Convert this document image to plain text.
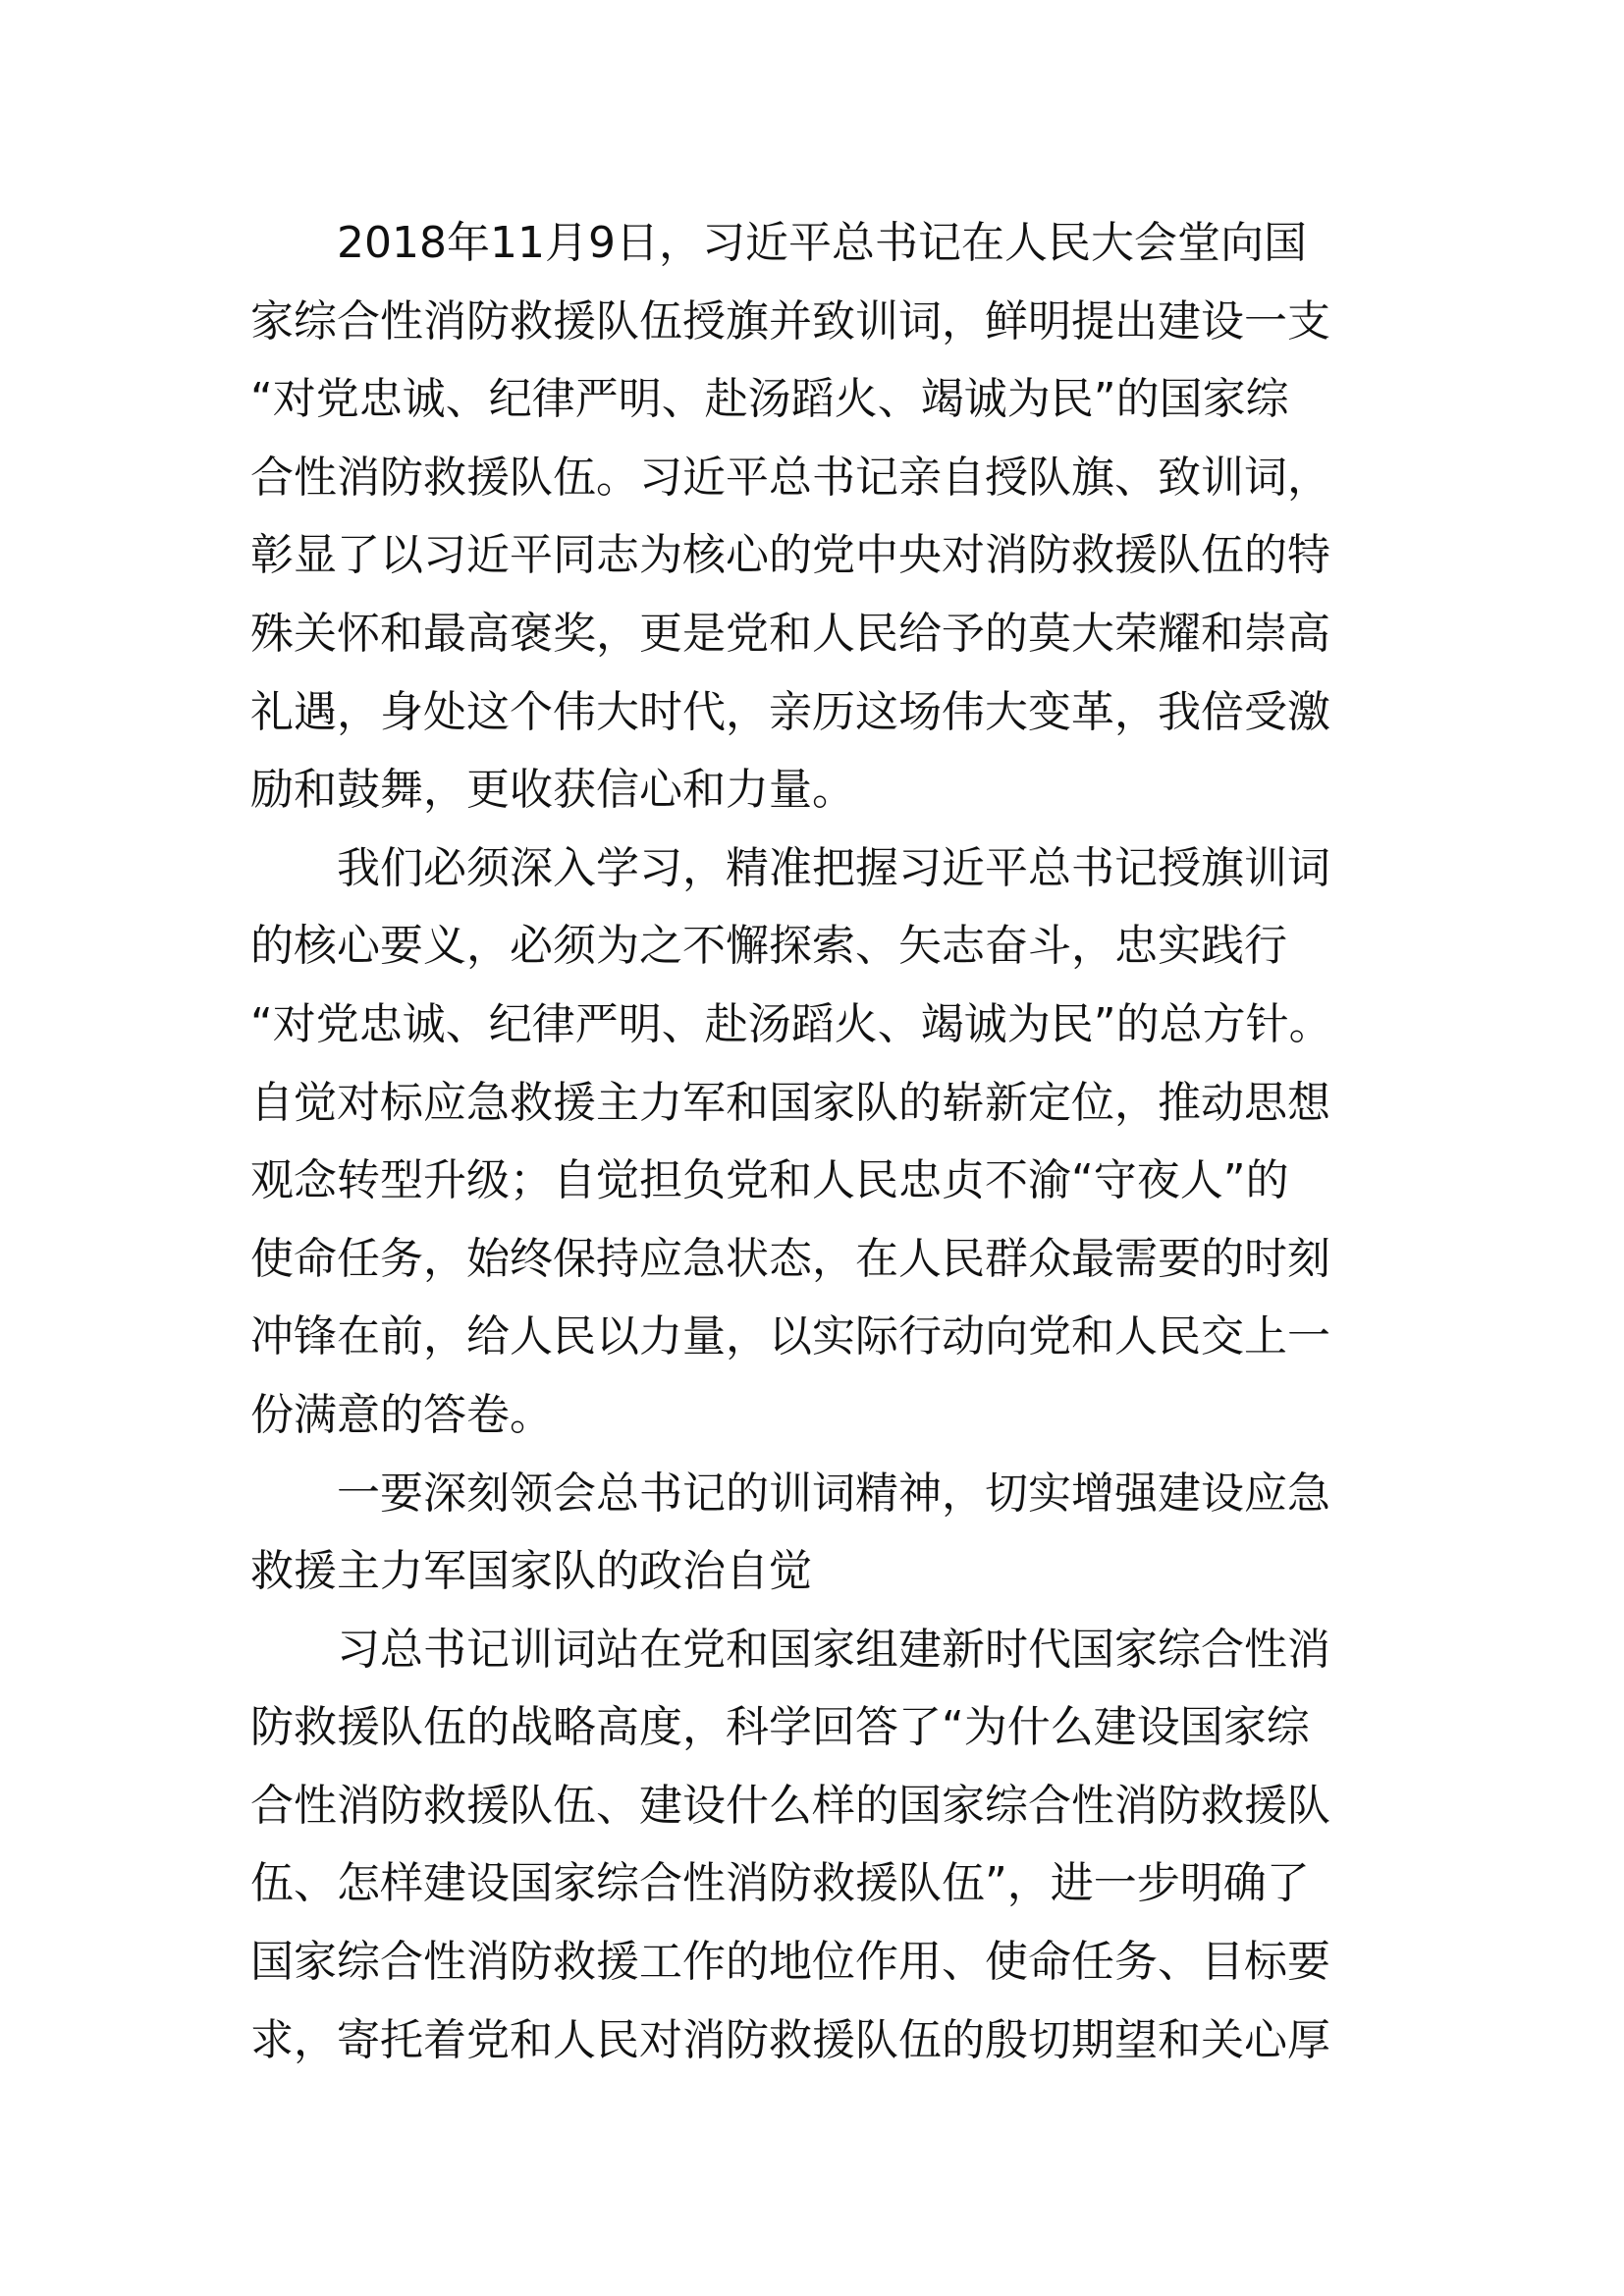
2018年11月9日，习近平总书记在人民大会堂向国
家综合性消防救援队伍授旗并致训词，鲜明提出建设一支
“对党忠诚、纪律严明、赴汤蹈火、竭诚为民”的国家综
合性消防救援队伍。习近平总书记亲自授队旗、致训词，
彰显了以习近平同志为核心的党中央对消防救援队伍的特
殊关怀和最高褒奖，更是党和人民给予的莫大荣耀和崇高
礼遇，身处这个伟大时代，亲历这场伟大变革，我倍受激
励和鼓舞，更收获信心和力量。
我们必须深入学习，精准把握习近平总书记授旗训词
的核心要义，必须为之不懈探索、矢志奋斗，忠实践行
“对党忠诚、纪律严明、赴汤蹈火、竭诚为民”的总方针。
自觉对标应急救援主力军和国家队的崭新定位，推动思想
观念转型升级；自觉担负党和人民忠贞不渝“守夜人”的
使命任务，始终保持应急状态，在人民群众最需要的时刻
冲锋在前，给人民以力量，以实际行动向党和人民交上一
份满意的答卷。
一要深刻领会总书记的训词精神，切实增强建设应急
救援主力军国家队的政治自觉
习总书记训词站在党和国家组建新时代国家综合性消
防救援队伍的战略高度，科学回答了“为什么建设国家综
合性消防救援队伍、建设什么样的国家综合性消防救援队
伍、怎样建设国家综合性消防救援队伍”，进一步明确了
国家综合性消防救援工作的地位作用、使命任务、目标要
求，寄托着党和人民对消防救援队伍的殷切期望和关心厚
